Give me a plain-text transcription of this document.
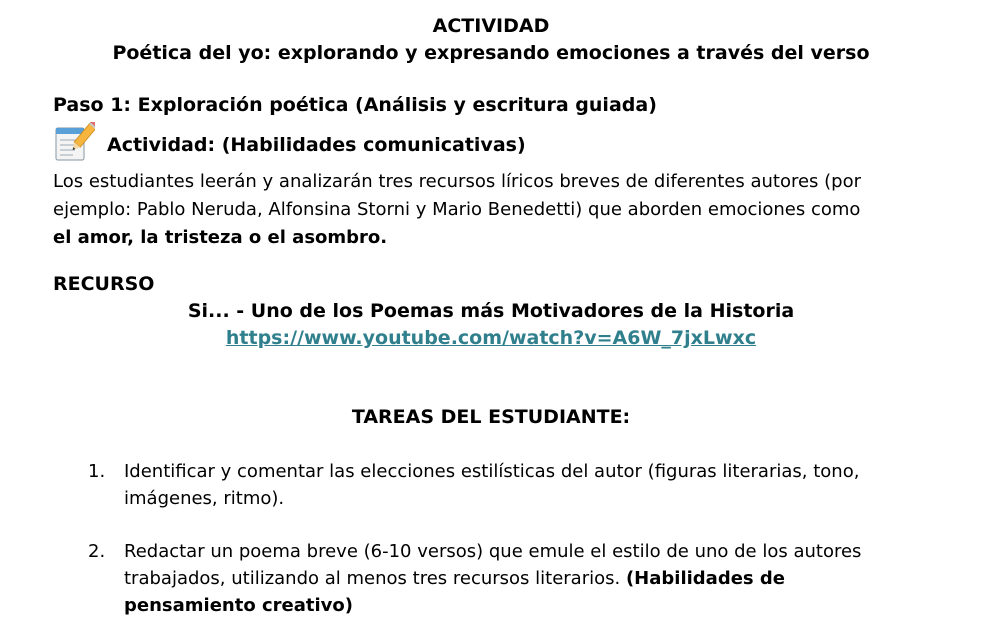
ACTIVIDAD
Poética del yo: explorando y expresando emociones a través del verso
Paso 1: Exploración poética (Análisis y escritura guiada)
Actividad: (Habilidades comunicativas)
Los estudiantes leerán y analizarán tres recursos líricos breves de diferentes autores (por
ejemplo: Pablo Neruda, Alfonsina Storni y Mario Benedetti) que aborden emociones como
el amor, la tristeza o el asombro.
RECURSO
Si... - Uno de los Poemas más Motivadores de la Historia
https://www.youtube.com/watch?v=A6W_7jxLwxc
TAREAS DEL ESTUDIANTE:
1.	Identificar y comentar las elecciones estilísticas del autor (figuras literarias, tono,
imágenes, ritmo).
2.	Redactar un poema breve (6-10 versos) que emule el estilo de uno de los autores
trabajados, utilizando al menos tres recursos literarios. (Habilidades de
pensamiento creativo)
